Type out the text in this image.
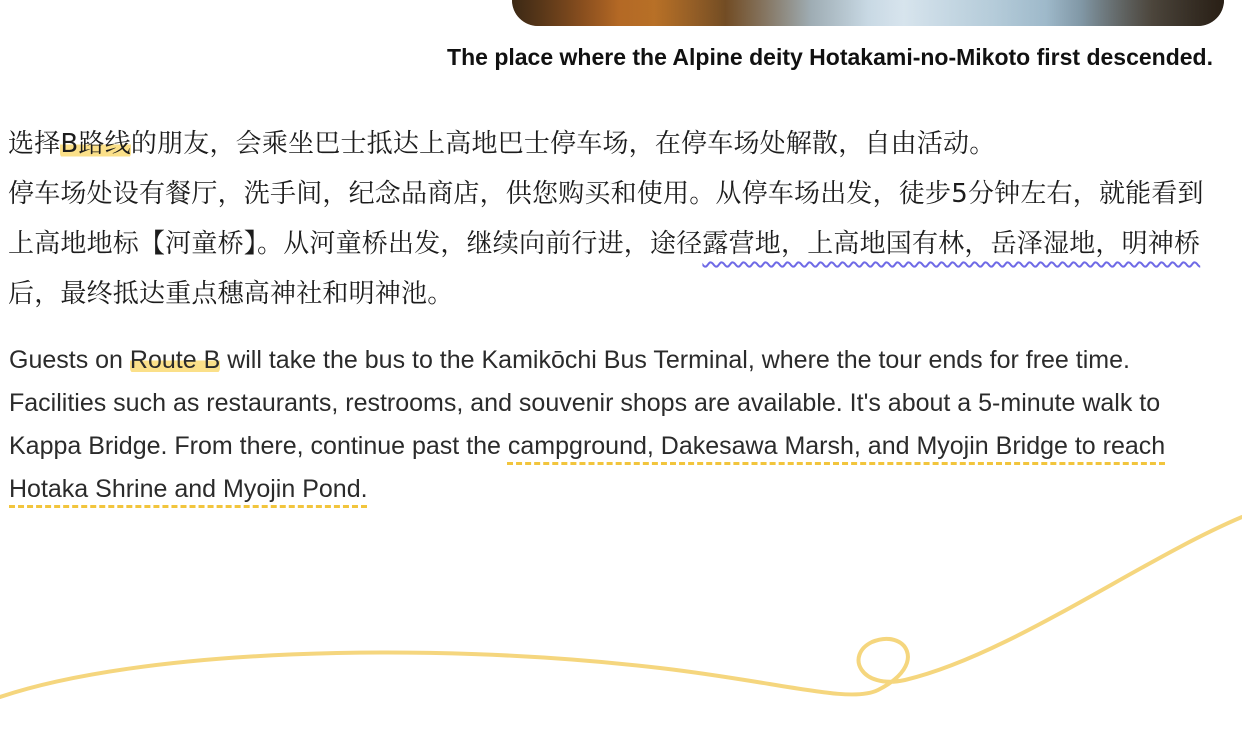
The place where the Alpine deity Hotakami-no-Mikoto first descended.

选择B路线的朋友，会乘坐巴士抵达上高地巴士停车场，在停车场处解散，自由活动。
停车场处设有餐厅，洗手间，纪念品商店，供您购买和使用。从停车场出发，徒步5分钟左右，就能看到上高地地标【河童桥】。从河童桥出发，继续向前行进，途径露营地，上高地国有林，岳泽湿地，明神桥后，最终抵达重点穗高神社和明神池。

Guests on Route B will take the bus to the Kamikōchi Bus Terminal, where the tour ends for free time.
Facilities such as restaurants, restrooms, and souvenir shops are available. It's about a 5-minute walk to Kappa Bridge. From there, continue past the campground, Dakesawa Marsh, and Myojin Bridge to reach Hotaka Shrine and Myojin Pond.
